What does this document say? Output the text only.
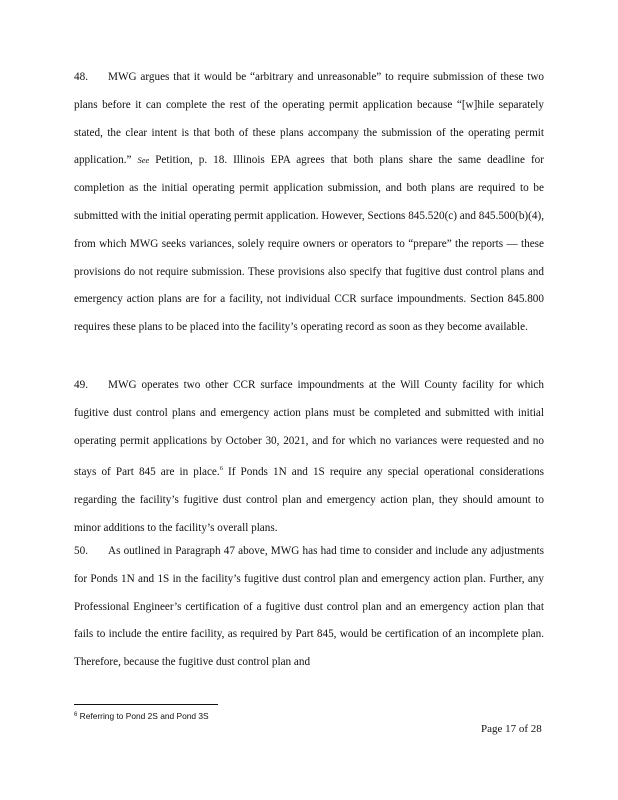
48. MWG argues that it would be “arbitrary and unreasonable” to require submission of these two plans before it can complete the rest of the operating permit application because “[w]hile separately stated, the clear intent is that both of these plans accompany the submission of the operating permit application.” See Petition, p. 18. Illinois EPA agrees that both plans share the same deadline for completion as the initial operating permit application submission, and both plans are required to be submitted with the initial operating permit application. However, Sections 845.520(c) and 845.500(b)(4), from which MWG seeks variances, solely require owners or operators to “prepare” the reports — these provisions do not require submission. These provisions also specify that fugitive dust control plans and emergency action plans are for a facility, not individual CCR surface impoundments. Section 845.800 requires these plans to be placed into the facility’s operating record as soon as they become available.
49. MWG operates two other CCR surface impoundments at the Will County facility for which fugitive dust control plans and emergency action plans must be completed and submitted with initial operating permit applications by October 30, 2021, and for which no variances were requested and no stays of Part 845 are in place.$^6$ If Ponds 1N and 1S require any special operational considerations regarding the facility’s fugitive dust control plan and emergency action plan, they should amount to minor additions to the facility’s overall plans.
50. As outlined in Paragraph 47 above, MWG has had time to consider and include any adjustments for Ponds 1N and 1S in the facility’s fugitive dust control plan and emergency action plan. Further, any Professional Engineer’s certification of a fugitive dust control plan and an emergency action plan that fails to include the entire facility, as required by Part 845, would be certification of an incomplete plan. Therefore, because the fugitive dust control plan and
$^6$ Referring to Pond 2S and Pond 3S
Page 17 of 28
